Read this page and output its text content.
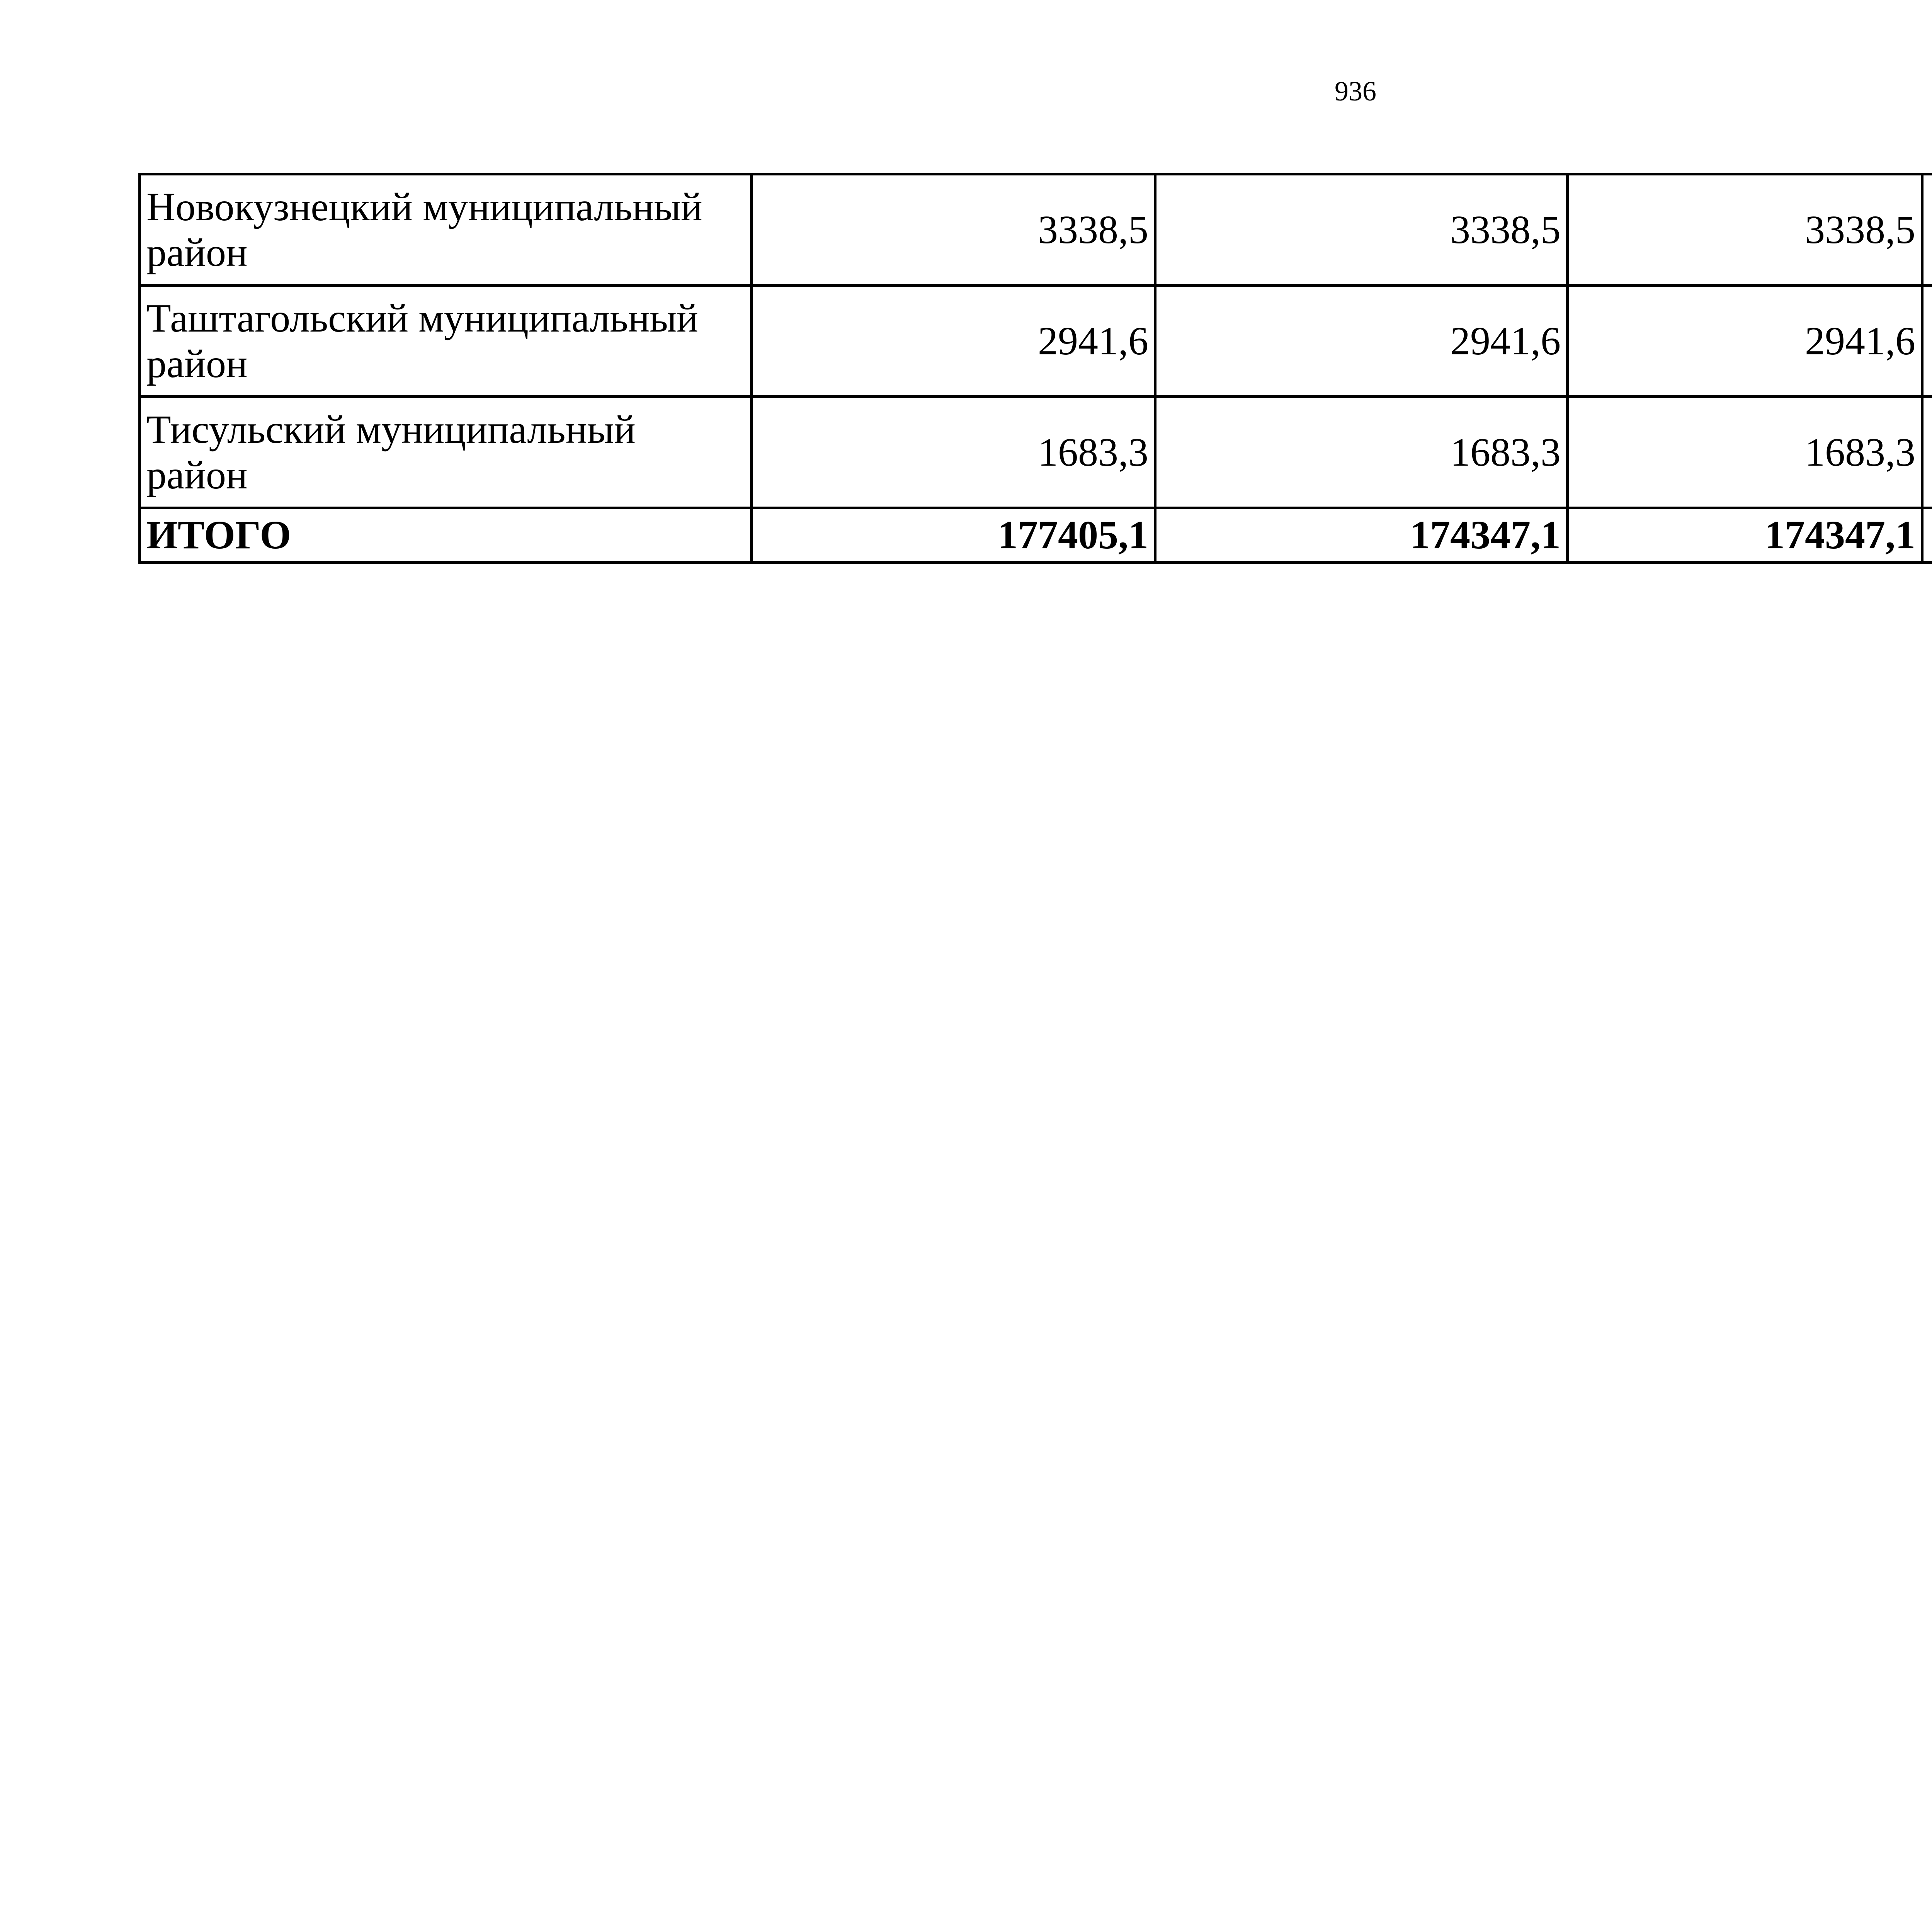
936
Новокузнецкий муниципальный район	3338,5	3338,5	3338,5			
Таштагольский муниципальный район	2941,6	2941,6	2941,6			
Тисульский муниципальный район	1683,3	1683,3	1683,3			
ИТОГО	177405,1	174347,1	174347,1			
